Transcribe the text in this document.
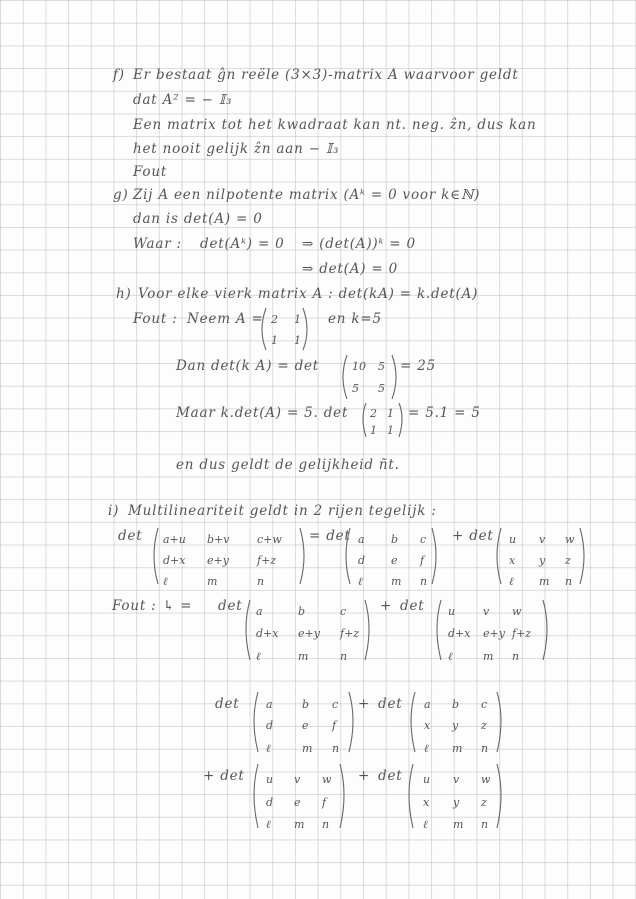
f) Er bestaat ĝn reële (3×3)-matrix A waarvoor geldt
dat A² = − 𝕀₃
Een matrix tot het kwadraat kan nt. neg. ẑn, dus kan
het nooit gelijk ẑn aan − 𝕀₃
Fout
g) Zij A een nilpotente matrix (Aᵏ = 0 voor k∈ℕ)
dan is det(A) = 0
Waar : det(Aᵏ) = 0 ⇒ (det(A))ᵏ = 0
⇒ det(A) = 0
h) Voor elke vierk matrix A : det(kA) = k.det(A)
Fout : Neem A = 2 1
1 1
en k=5
Dan det(k A) = det	10 5
5 5
= 25
Maar k.det(A) = 5. det 2 1
1 1
= 5.1 = 5
en dus geldt de gelijkheid ñt.
i) Multilineariteit geldt in 2 rijen tegelijk :
det a+u b+v	c+w
d+x e+y	f+z
ℓ	m	n
= det a b c
d e f
ℓ	m n
+ det u v w
x y z
ℓ m n
Fout : ↳ = det a	b	c
d+x e+y f+z
ℓ	m	n
+ det u	v w
d+x e+y f+z
ℓ	m n
det a	b c
d	e f
ℓ	m n
+ det a b c
x y z
ℓ m n
+ det u v w
d e f
ℓ m n
+ det u v w
x y z
ℓ m n
